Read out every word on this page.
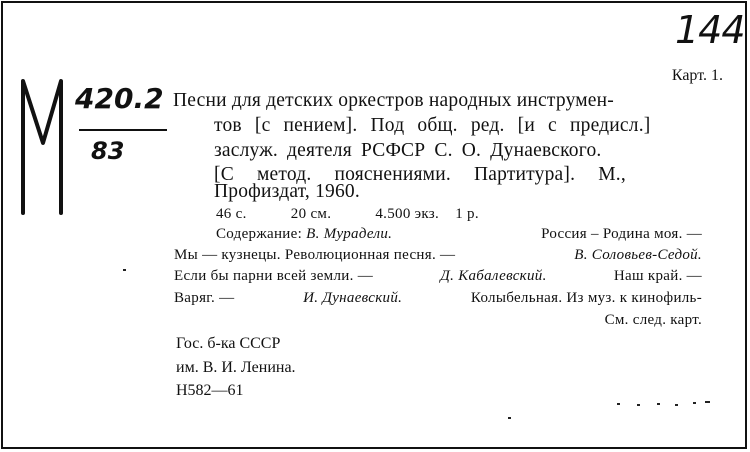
144
420.2
83
Карт. 1.
Песни для детских оркестров народных инструмен-
тов [с пением]. Под общ. ред. [и с предисл.]
заслуж. деятеля РСФСР С. О. Дунаевского.
[С метод. пояснениями. Партитура]. М.,
Профиздат, 1960.
46 с.	20 см.	4.500 экз. 1 р.
Содержание: В. Мурадели.	Россия – Родина моя. —
Мы — кузнецы. Революционная песня. —	В. Соловьев-Седой.
Если бы парни всей земли. —	Д. Кабалевский.	Наш край. —
Варяг. —	И. Дунаевский.	Колыбельная. Из муз. к кинофиль-
См. след. карт.
Гос. б-ка СССР
им. В. И. Ленина.
Н582—61
